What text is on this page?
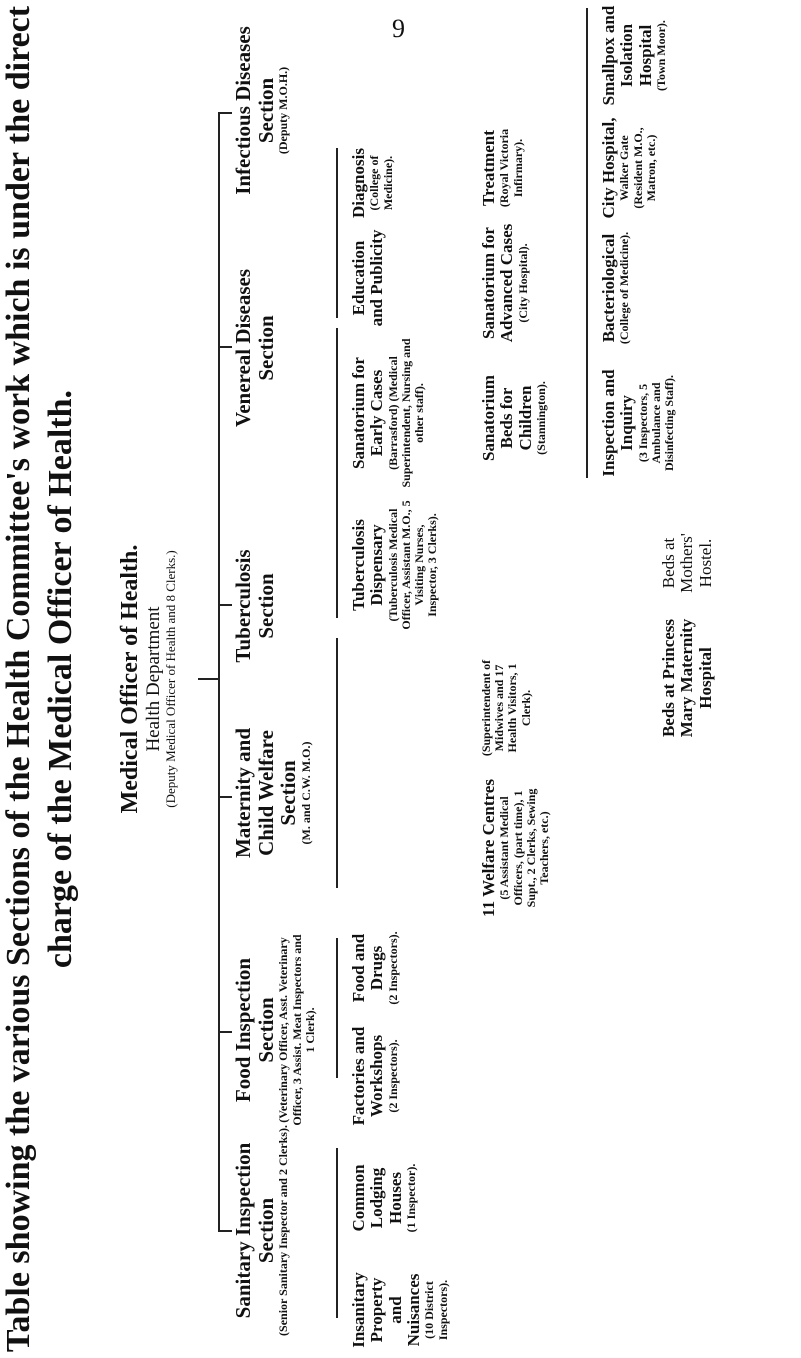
9
Table showing the various Sections of the Health Committee's work which is under the direct charge of the Medical Officer of Health. Medical Officer of Health. Health Department (Deputy Medical Officer of Health and 8 Clerks.)
Sanitary Inspection Section
(Senior Sanitary Inspector and 2 Clerks).
Food Inspection Section
(Veterinary Officer, Asst. Veterinary Officer, 3 Assist. Meat Inspectors and 1 Clerk).
Maternity and Child Welfare Section
(M. and C.W. M.O.)
Tuberculosis Section
Venereal Diseases Section
Infectious Diseases Section
(Deputy M.O.H.)
Insanitary Property and Nuisances (10 District Inspectors).
Common Lodging Houses (1 Inspector).
Factories and Workshops (2 Inspectors).
Food and Drugs (2 Inspectors).
11 Welfare Centres (5 Assistant Medical Officers, (part time), 1 Supt., 2 Clerks, Sewing Teachers, etc.)
(Superintendent of Midwives and 17 Health Visitors, 1 Clerk).	Beds at Princess Mary Maternity Hospital
Beds at Mothers' Hostel.
Tuberculosis Dispensary (Tuberculosis Medical Officer, Assistant M.O., 5 Visiting Nurses, Inspector, 3 Clerks).
Sanatorium for Early Cases (Barrasford) (Medical Superintendent, Nursing and other staff).	Sanatorium Beds for Children (Stannington).
Sanatorium for Advanced Cases (City Hospital).
Education and Publicity
Diagnosis (College of Medicine).	Treatment (Royal Victoria Infirmary).
Inspection and Inquiry (3 Inspectors, 5 Ambulance and Disinfecting Staff).
Bacteriological (College of Medicine).
City Hospital, Walker Gate (Resident M.O., Matron, etc.)
Smallpox and Isolation Hospital (Town Moor).
